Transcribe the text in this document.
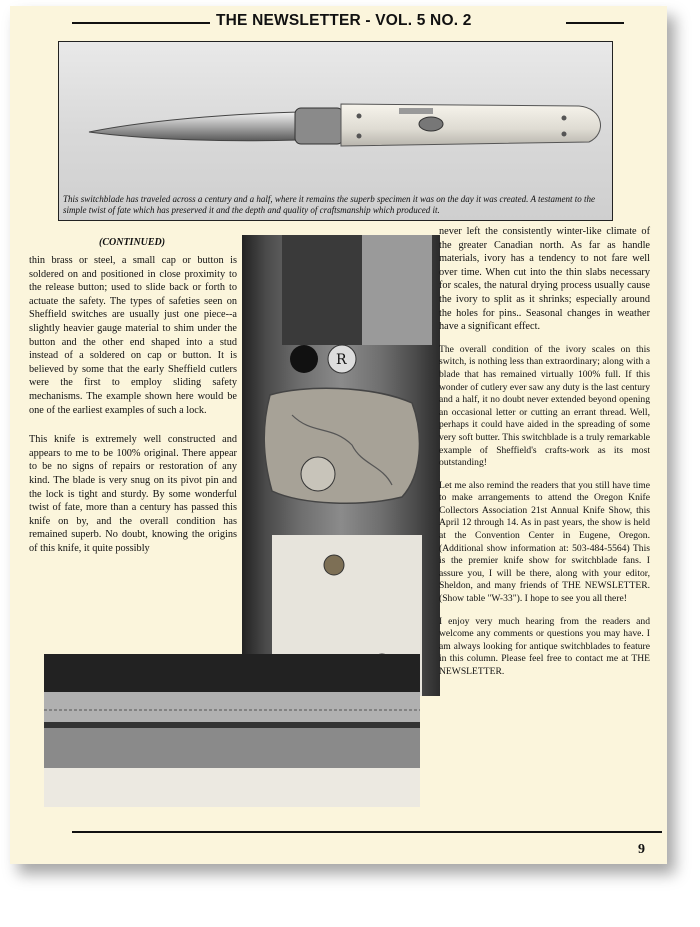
THE NEWSLETTER - VOL. 5 NO. 2
This switchblade has traveled across a century and a half, where it remains the superb specimen it was on the day it was created. A testament to the simple twist of fate which has preserved it and the depth and quality of craftsmanship which produced it.
(CONTINUED)

thin brass or steel, a small cap or button is soldered on and positioned in close proximity to the release button; used to slide back or forth to actuate the safety. The types of safeties seen on Sheffield switches are usually just one piece--a slightly heavier gauge material to shim under the button and the other end shaped into a stud instead of a soldered on cap or button. It is believed by some that the early Sheffield cutlers were the first to employ sliding safety mechanisms. The example shown here would be one of the earliest examples of such a lock.

This knife is extremely well constructed and appears to me to be 100% original. There appear to be no signs of repairs or restoration of any kind. The blade is very snug on its pivot pin and the lock is tight and sturdy. By some wonderful twist of fate, more than a century has passed this knife on by, and the overall condition has remained superb. No doubt, knowing the origins of this knife, it quite possibly

R

never left the consistently winter-like climate of the greater Canadian north. As far as handle materials, ivory has a tendency to not fare well over time. When cut into the thin slabs necessary for scales, the natural drying process usually cause the ivory to split as it shrinks; especially around the holes for pins.. Seasonal changes in weather have a significant effect.

The overall condition of the ivory scales on this switch, is nothing less than extraordinary; along with a blade that has remained virtually 100% full. If this wonder of cutlery ever saw any duty is the last century and a half, it no doubt never extended beyond opening an occasional letter or cutting an errant thread. Well, perhaps it could have aided in the spreading of some very soft butter. This switchblade is a truly remarkable example of Sheffield's crafts-work as its most outstanding!

Let me also remind the readers that you still have time to make arrangements to attend the Oregon Knife Collectors Association 21st Annual Knife Show, this April 12 through 14. As in past years, the show is held at the Convention Center in Eugene, Oregon. (Additional show information at: 503-484-5564) This is the premier knife show for switchblade fans. I assure you, I will be there, along with your editor, Sheldon, and many friends of THE NEWSLETTER. (Show table "W-33"). I hope to see you all there!

I enjoy very much hearing from the readers and welcome any comments or questions you may have. I am always looking for antique switchblades to feature in this column. Please feel free to contact me at THE NEWSLETTER.

9
